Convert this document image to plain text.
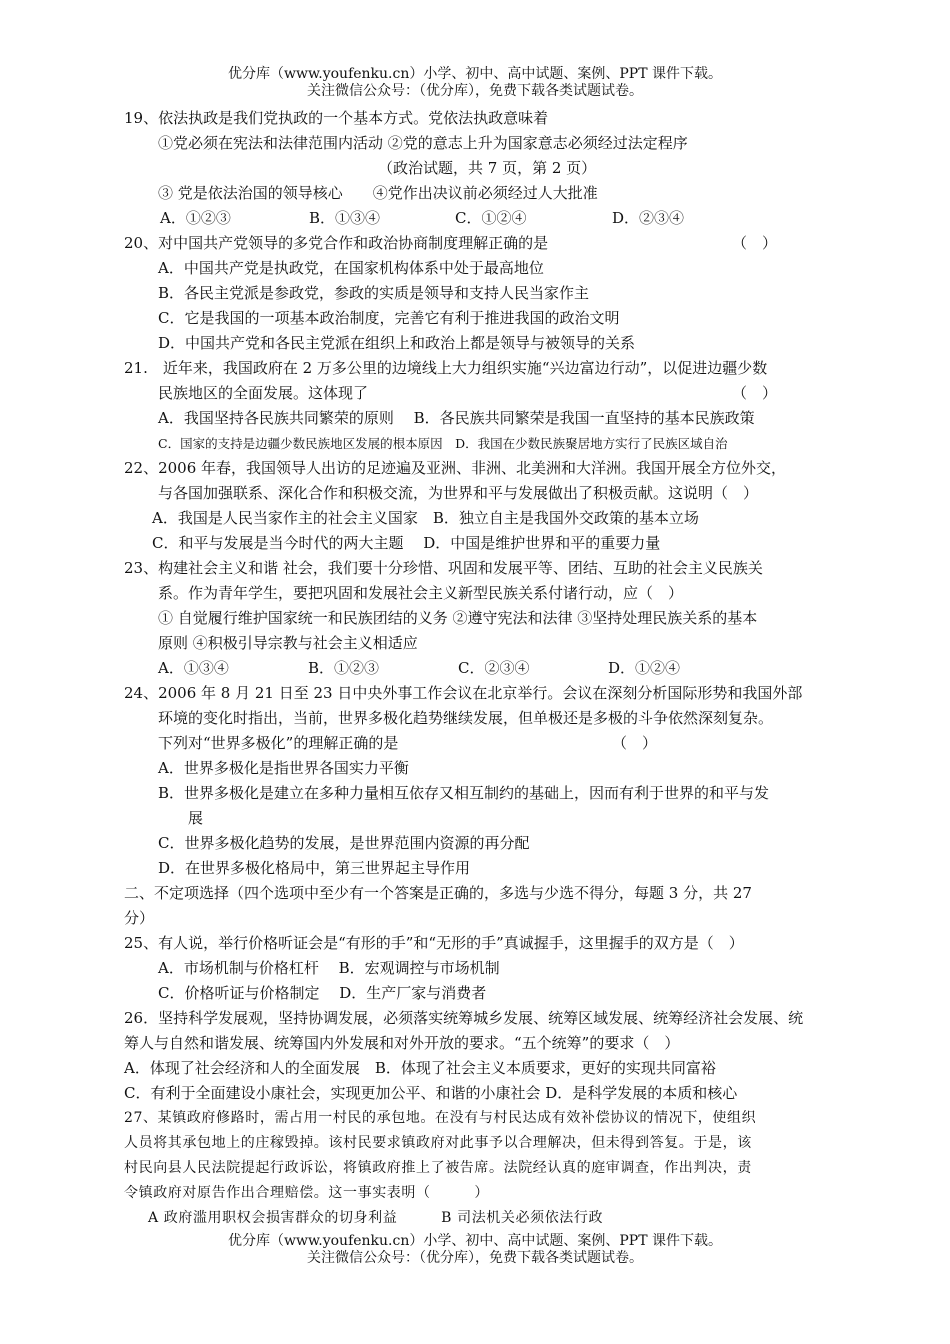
优分库（www.youfenku.cn）小学、初中、高中试题、案例、PPT 课件下载。
关注微信公众号：（优分库），免费下载各类试题试卷。
19、依法执政是我们党执政的一个基本方式。党依法执政意味着
①党必须在宪法和法律范围内活动 ②党的意志上升为国家意志必须经过法定程序
（政治试题，共 7 页，第 2 页）
③ 党是依法治国的领导核心　　④党作出决议前必须经过人大批准
A．①②③	B．①③④	C．①②④	D．②③④
20、对中国共产党领导的多党合作和政治协商制度理解正确的是	（　）
A．中国共产党是执政党，在国家机构体系中处于最高地位
B．各民主党派是参政党，参政的实质是领导和支持人民当家作主
C．它是我国的一项基本政治制度，完善它有利于推进我国的政治文明
D．中国共产党和各民主党派在组织上和政治上都是领导与被领导的关系
21.　近年来，我国政府在 2 万多公里的边境线上大力组织实施“兴边富边行动”，以促进边疆少数
民族地区的全面发展。这体现了	（　）
A．我国坚持各民族共同繁荣的原则　 B．各民族共同繁荣是我国一直坚持的基本民族政策
C．国家的支持是边疆少数民族地区发展的根本原因　D．我国在少数民族聚居地方实行了民族区域自治
22、2006 年春，我国领导人出访的足迹遍及亚洲、非洲、北美洲和大洋洲。我国开展全方位外交，
与各国加强联系、深化合作和积极交流，为世界和平与发展做出了积极贡献。这说明（　）
A．我国是人民当家作主的社会主义国家　B．独立自主是我国外交政策的基本立场
C．和平与发展是当今时代的两大主题　 D．中国是维护世界和平的重要力量
23、构建社会主义和谐 社会，我们要十分珍惜、巩固和发展平等、团结、互助的社会主义民族关
系。作为青年学生，要把巩固和发展社会主义新型民族关系付诸行动，应（　）
① 自觉履行维护国家统一和民族团结的义务 ②遵守宪法和法律 ③坚持处理民族关系的基本
原则 ④积极引导宗教与社会主义相适应
A．①③④	B．①②③	C．②③④	D．①②④
24、2006 年 8 月 21 日至 23 日中央外事工作会议在北京举行。会议在深刻分析国际形势和我国外部
环境的变化时指出，当前，世界多极化趋势继续发展，但单极还是多极的斗争依然深刻复杂。
下列对“世界多极化”的理解正确的是	（　）
A．世界多极化是指世界各国实力平衡
B．世界多极化是建立在多种力量相互依存又相互制约的基础上，因而有利于世界的和平与发
展
C．世界多极化趋势的发展，是世界范围内资源的再分配
D．在世界多极化格局中，第三世界起主导作用
二、不定项选择（四个选项中至少有一个答案是正确的，多选与少选不得分，每题 3 分，共 27
分）
25、有人说，举行价格听证会是“有形的手”和“无形的手”真诚握手，这里握手的双方是（　）
A．市场机制与价格杠杆　 B．宏观调控与市场机制
C．价格听证与价格制定　 D．生产厂家与消费者
26．坚持科学发展观，坚持协调发展，必须落实统筹城乡发展、统筹区域发展、统筹经济社会发展、统
筹人与自然和谐发展、统筹国内外发展和对外开放的要求。“五个统筹”的要求（　）
A．体现了社会经济和人的全面发展　B．体现了社会主义本质要求，更好的实现共同富裕
C．有利于全面建设小康社会，实现更加公平、和谐的小康社会 D．是科学发展的本质和核心
27、某镇政府修路时，需占用一村民的承包地。在没有与村民达成有效补偿协议的情况下，使组织
人员将其承包地上的庄稼毁掉。该村民要求镇政府对此事予以合理解决，但未得到答复。于是，该
村民向县人民法院提起行政诉讼，将镇政府推上了被告席。法院经认真的庭审调查，作出判决，责
令镇政府对原告作出合理赔偿。这一事实表明（　　　）
A 政府滥用职权会损害群众的切身利益　　　B 司法机关必须依法行政
优分库（www.youfenku.cn）小学、初中、高中试题、案例、PPT 课件下载。
关注微信公众号：（优分库），免费下载各类试题试卷。
